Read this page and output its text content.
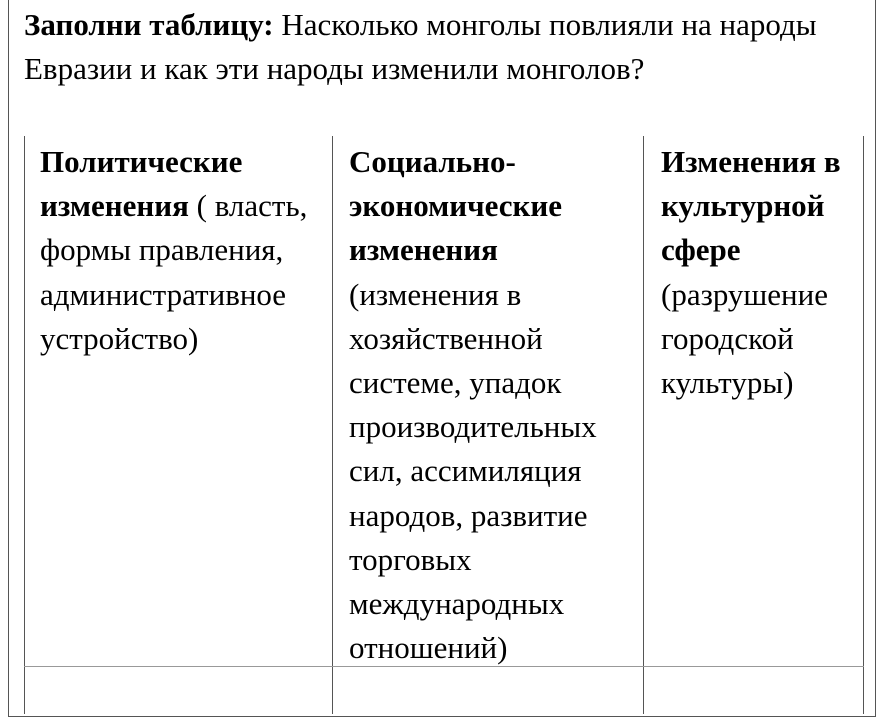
Заполни таблицу: Насколько монголы повлияли на народы Евразии и как эти народы изменили монголов?
Политические изменения ( власть, формы правления, административное устройство)
Социально-экономические изменения (изменения в хозяйственной системе, упадок производительных сил, ассимиляция народов, развитие торговых международных отношений)
Изменения в культурной сфере (разрушение городской культуры)
